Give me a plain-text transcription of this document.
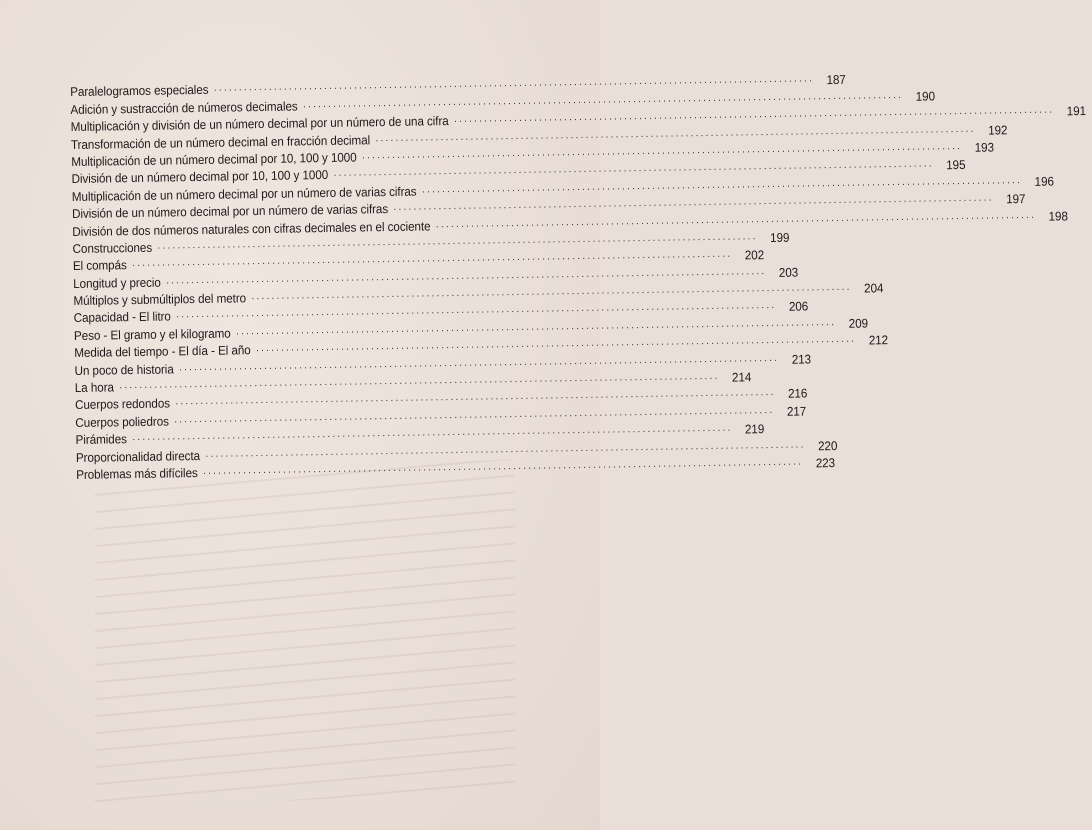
Paralelogramos especiales ........................................................................................................................ 187
Adición y sustracción de números decimales ........................................................................................................................ 190
Multiplicación y división de un número decimal por un número de una cifra ........................................................................................................................ 191
Transformación de un número decimal en fracción decimal ........................................................................................................................ 192
Multiplicación de un número decimal por 10, 100 y 1000 ........................................................................................................................ 193
División de un número decimal por 10, 100 y 1000 ........................................................................................................................ 195
Multiplicación de un número decimal por un número de varias cifras ........................................................................................................................ 196
División de un número decimal por un número de varias cifras ........................................................................................................................ 197
División de dos números naturales con cifras decimales en el cociente ........................................................................................................................ 198
Construcciones ........................................................................................................................ 199
El compás ........................................................................................................................ 202
Longitud y precio ........................................................................................................................ 203
Múltiplos y submúltiplos del metro ........................................................................................................................ 204
Capacidad - El litro ........................................................................................................................ 206
Peso - El gramo y el kilogramo ........................................................................................................................ 209
Medida del tiempo - El día - El año ........................................................................................................................ 212
Un poco de historia ........................................................................................................................ 213
La hora ........................................................................................................................ 214
Cuerpos redondos ........................................................................................................................ 216
Cuerpos poliedros ........................................................................................................................ 217
Pirámides ........................................................................................................................ 219
Proporcionalidad directa ........................................................................................................................ 220
Problemas más difíciles ........................................................................................................................ 223
